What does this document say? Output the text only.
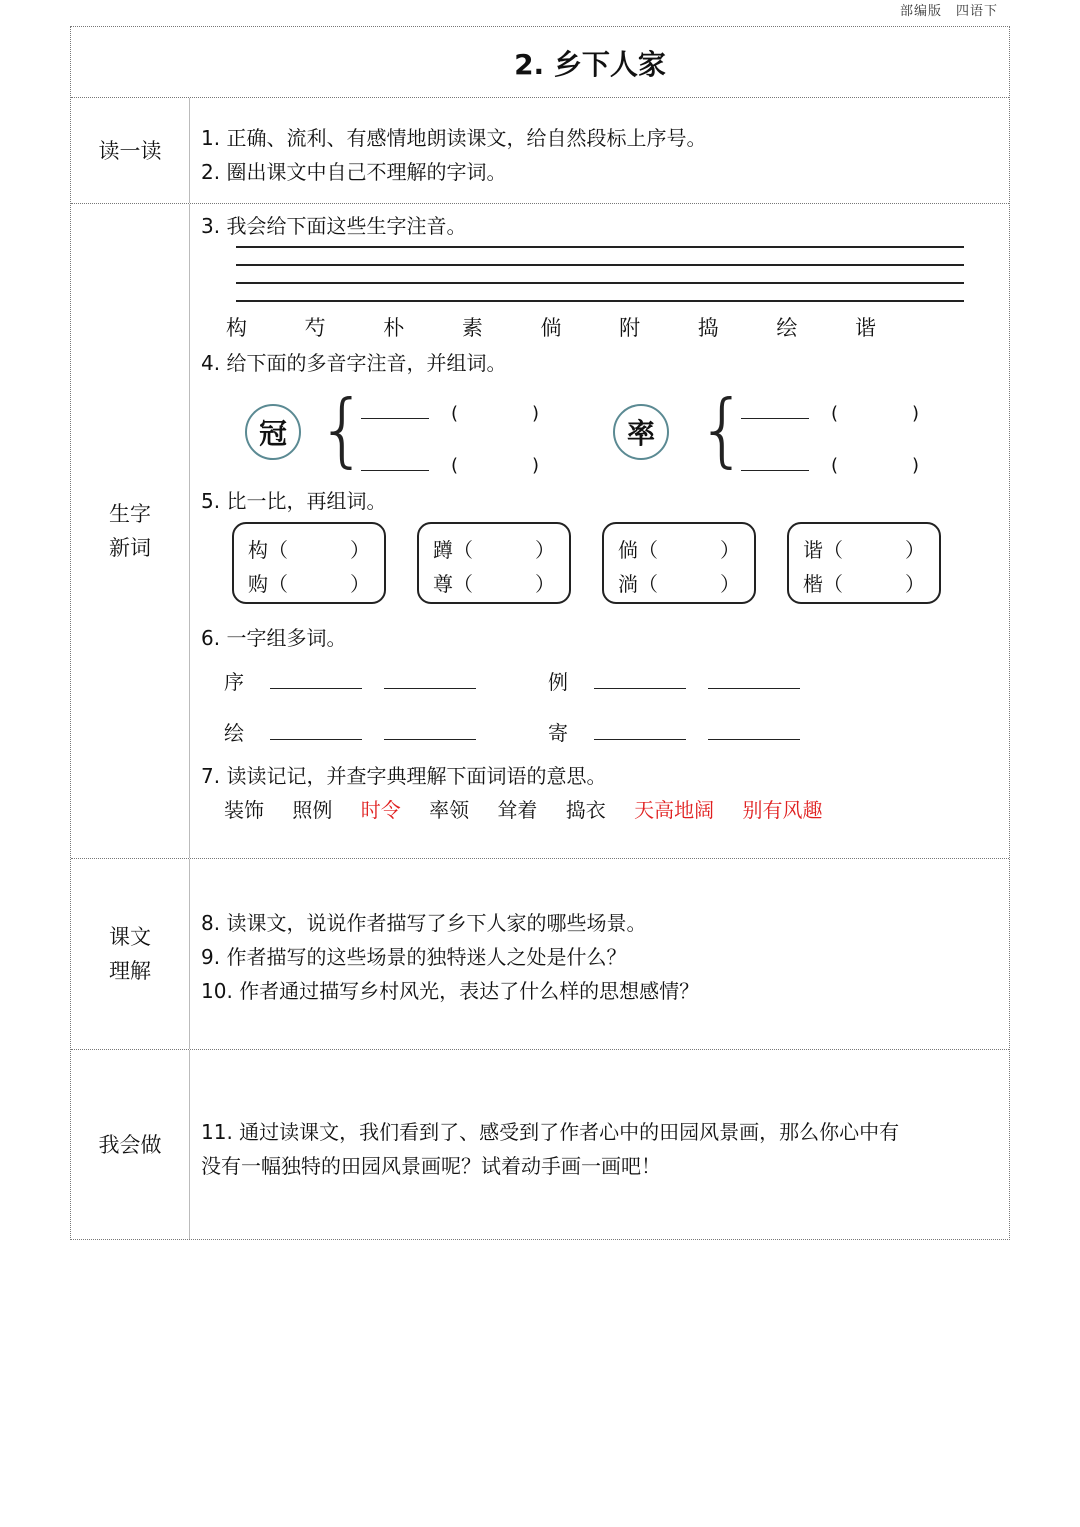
部编版　四语下
2. 乡下人家
读一读
1. 正确、流利、有感情地朗读课文，给自然段标上序号。
2. 圈出课文中自己不理解的字词。
生字
新词
3. 我会给下面这些生字注音。
构	芍	朴	素	倘	附	捣	绘	谐
4. 给下面的多音字注音，并组词。
冠 {	(	)
(	)
率 {	(	)
(	)
5. 比一比，再组词。
构（	）
购（	）
蹲（	）
尊（	）
倘（	）
淌（	）
谐（	）
楷（	）
6. 一字组多词。
序	例
绘	寄
7. 读读记记，并查字典理解下面词语的意思。
装饰 照例 时令 率领 耸着 捣衣 天高地阔 别有风趣
课文
理解
8. 读课文，说说作者描写了乡下人家的哪些场景。
9. 作者描写的这些场景的独特迷人之处是什么？
10. 作者通过描写乡村风光，表达了什么样的思想感情？
我会做
11. 通过读课文，我们看到了、感受到了作者心中的田园风景画，那么你心中有
没有一幅独特的田园风景画呢？试着动手画一画吧！
